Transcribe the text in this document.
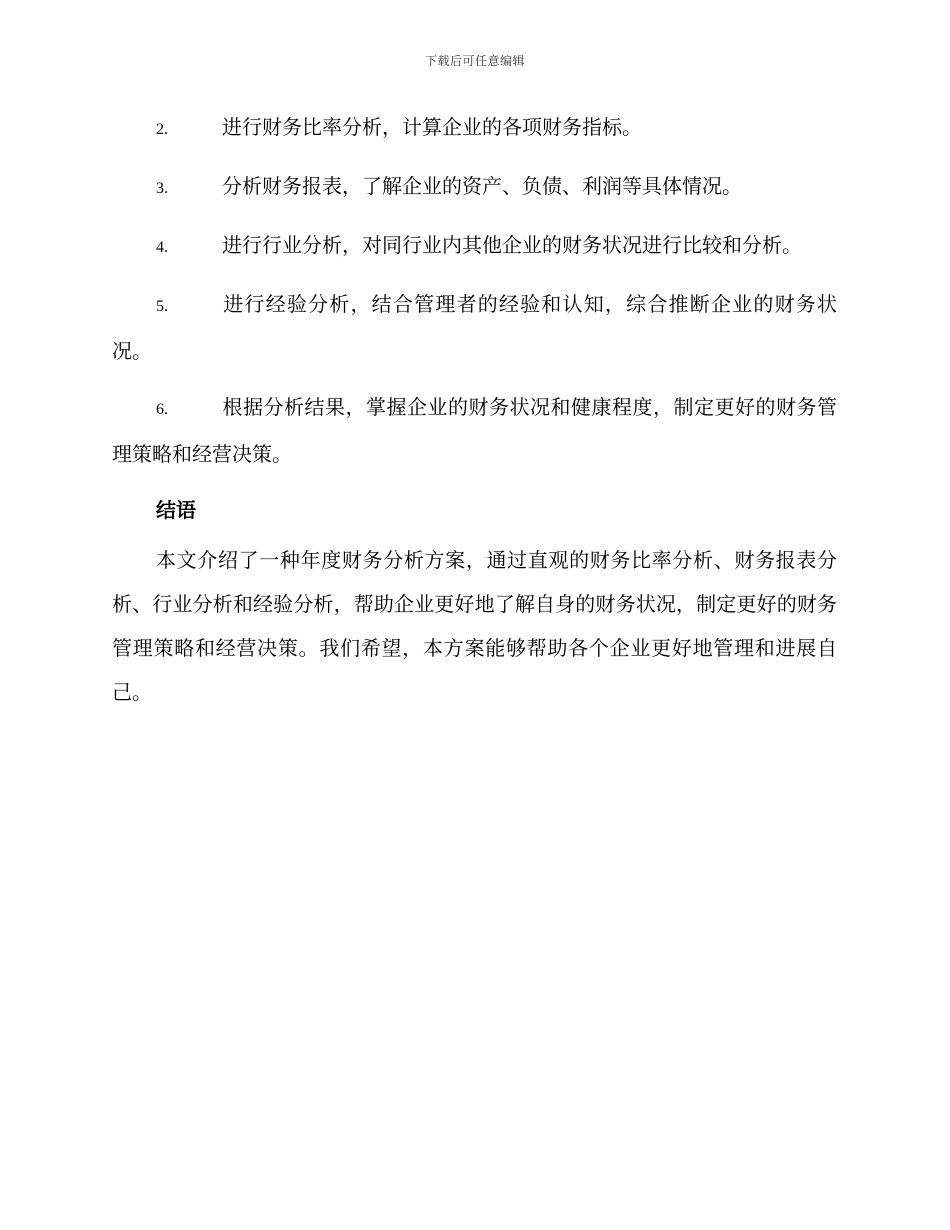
下载后可任意编辑
2.	进行财务比率分析，计算企业的各项财务指标。
3.	分析财务报表，了解企业的资产、负债、利润等具体情况。
4.	进行行业分析，对同行业内其他企业的财务状况进行比较和分析。
5.	进行经验分析，结合管理者的经验和认知，综合推断企业的财务状况。
6.	根据分析结果，掌握企业的财务状况和健康程度，制定更好的财务管理策略和经营决策。
结语

本文介绍了一种年度财务分析方案，通过直观的财务比率分析、财务报表分析、行业分析和经验分析，帮助企业更好地了解自身的财务状况，制定更好的财务管理策略和经营决策。我们希望，本方案能够帮助各个企业更好地管理和进展自己。
